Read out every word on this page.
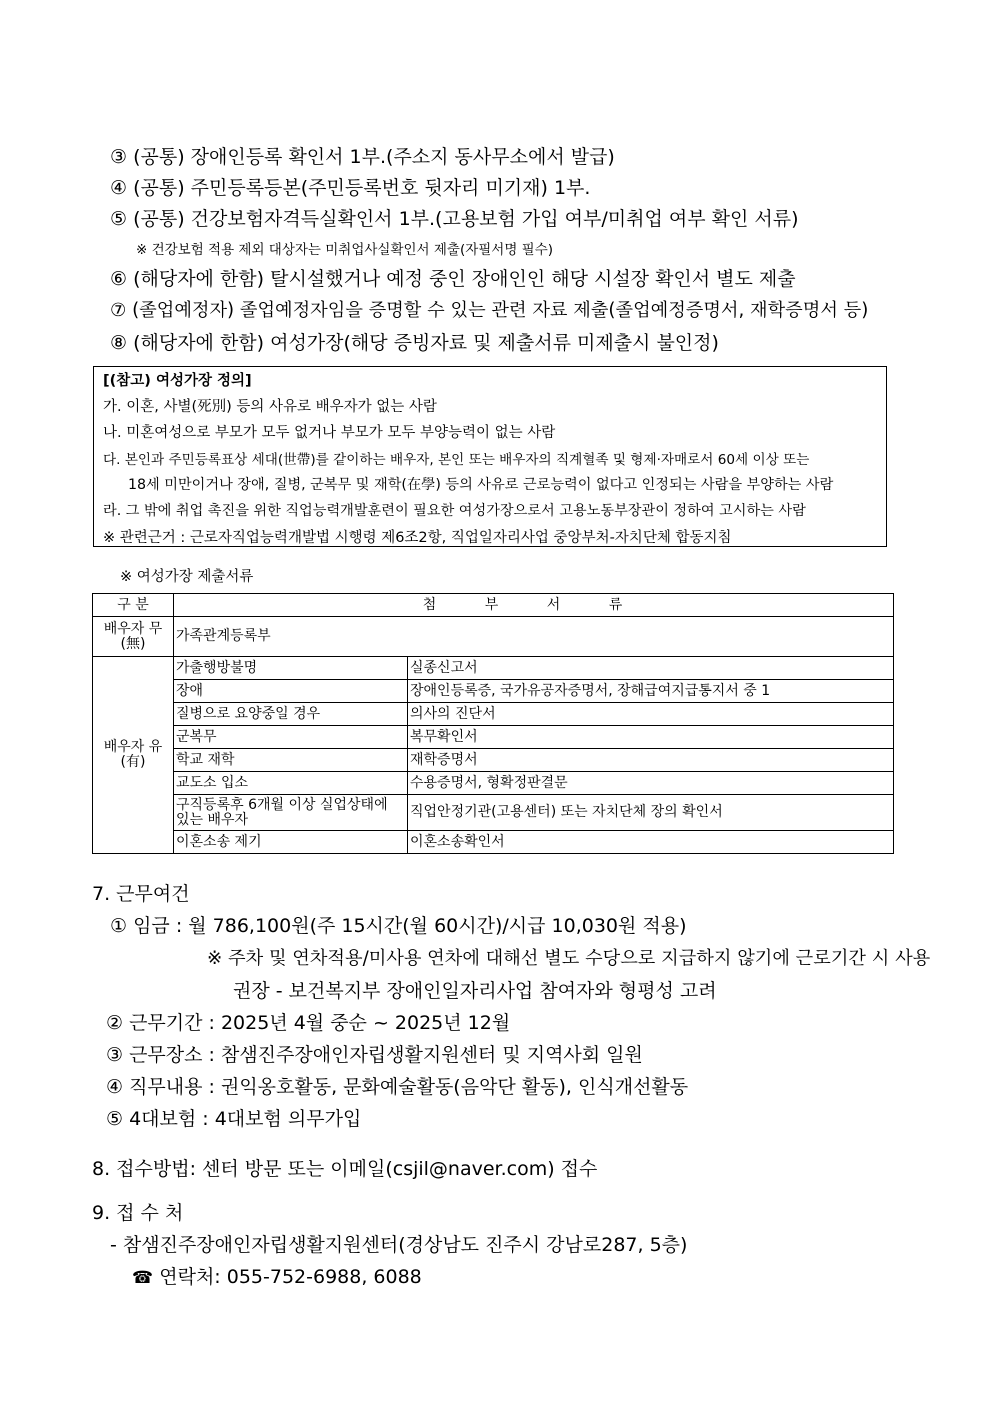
③ (공통) 장애인등록 확인서 1부.(주소지 동사무소에서 발급)
④ (공통) 주민등록등본(주민등록번호 뒷자리 미기재) 1부.
⑤ (공통) 건강보험자격득실확인서 1부.(고용보험 가입 여부/미취업 여부 확인 서류)
※ 건강보험 적용 제외 대상자는 미취업사실확인서 제출(자필서명 필수)
⑥ (해당자에 한함) 탈시설했거나 예정 중인 장애인인 해당 시설장 확인서 별도 제출
⑦ (졸업예정자) 졸업예정자임을 증명할 수 있는 관련 자료 제출(졸업예정증명서, 재학증명서 등)
⑧ (해당자에 한함) 여성가장(해당 증빙자료 및 제출서류 미제출시 불인정)
[(참고) 여성가장 정의]
가. 이혼, 사별(死別) 등의 사유로 배우자가 없는 사람
나. 미혼여성으로 부모가 모두 없거나 부모가 모두 부양능력이 없는 사람
다. 본인과 주민등록표상 세대(世帶)를 같이하는 배우자, 본인 또는 배우자의 직계혈족 및 형제·자매로서 60세 이상 또는
18세 미만이거나 장애, 질병, 군복무 및 재학(在學) 등의 사유로 근로능력이 없다고 인정되는 사람을 부양하는 사람
라. 그 밖에 취업 촉진을 위한 직업능력개발훈련이 필요한 여성가장으로서 고용노동부장관이 정하여 고시하는 사람
※ 관련근거 : 근로자직업능력개발법 시행령 제6조2항, 직업일자리사업 중앙부처-자치단체 합동지침
※ 여성가장 제출서류
구 분	첨 부 서 류	
배우자 무(無)	가족관계등록부	
배우자 유(有)	가출행방불명	실종신고서
	장애	장애인등록증, 국가유공자증명서, 장해급여지급통지서 중 1
	질병으로 요양중일 경우	의사의 진단서
	군복무	복무확인서
	학교 재학	재학증명서
	교도소 입소	수용증명서, 형확정판결문
	구직등록후 6개월 이상 실업상태에 있는 배우자	직업안정기관(고용센터) 또는 자치단체 장의 확인서
	이혼소송 제기	이혼소송확인서
7. 근무여건
① 임금 : 월 786,100원(주 15시간(월 60시간)/시급 10,030원 적용)
※ 주차 및 연차적용/미사용 연차에 대해선 별도 수당으로 지급하지 않기에 근로기간 시 사용
권장 - 보건복지부 장애인일자리사업 참여자와 형평성 고려
② 근무기간 : 2025년 4월 중순 ~ 2025년 12월
③ 근무장소 : 참샘진주장애인자립생활지원센터 및 지역사회 일원
④ 직무내용 : 권익옹호활동, 문화예술활동(음악단 활동), 인식개선활동
⑤ 4대보험 : 4대보험 의무가입
8. 접수방법: 센터 방문 또는 이메일(csjil@naver.com) 접수
9. 접 수 처
- 참샘진주장애인자립생활지원센터(경상남도 진주시 강남로287, 5층)
☎ 연락처: 055-752-6988, 6088
